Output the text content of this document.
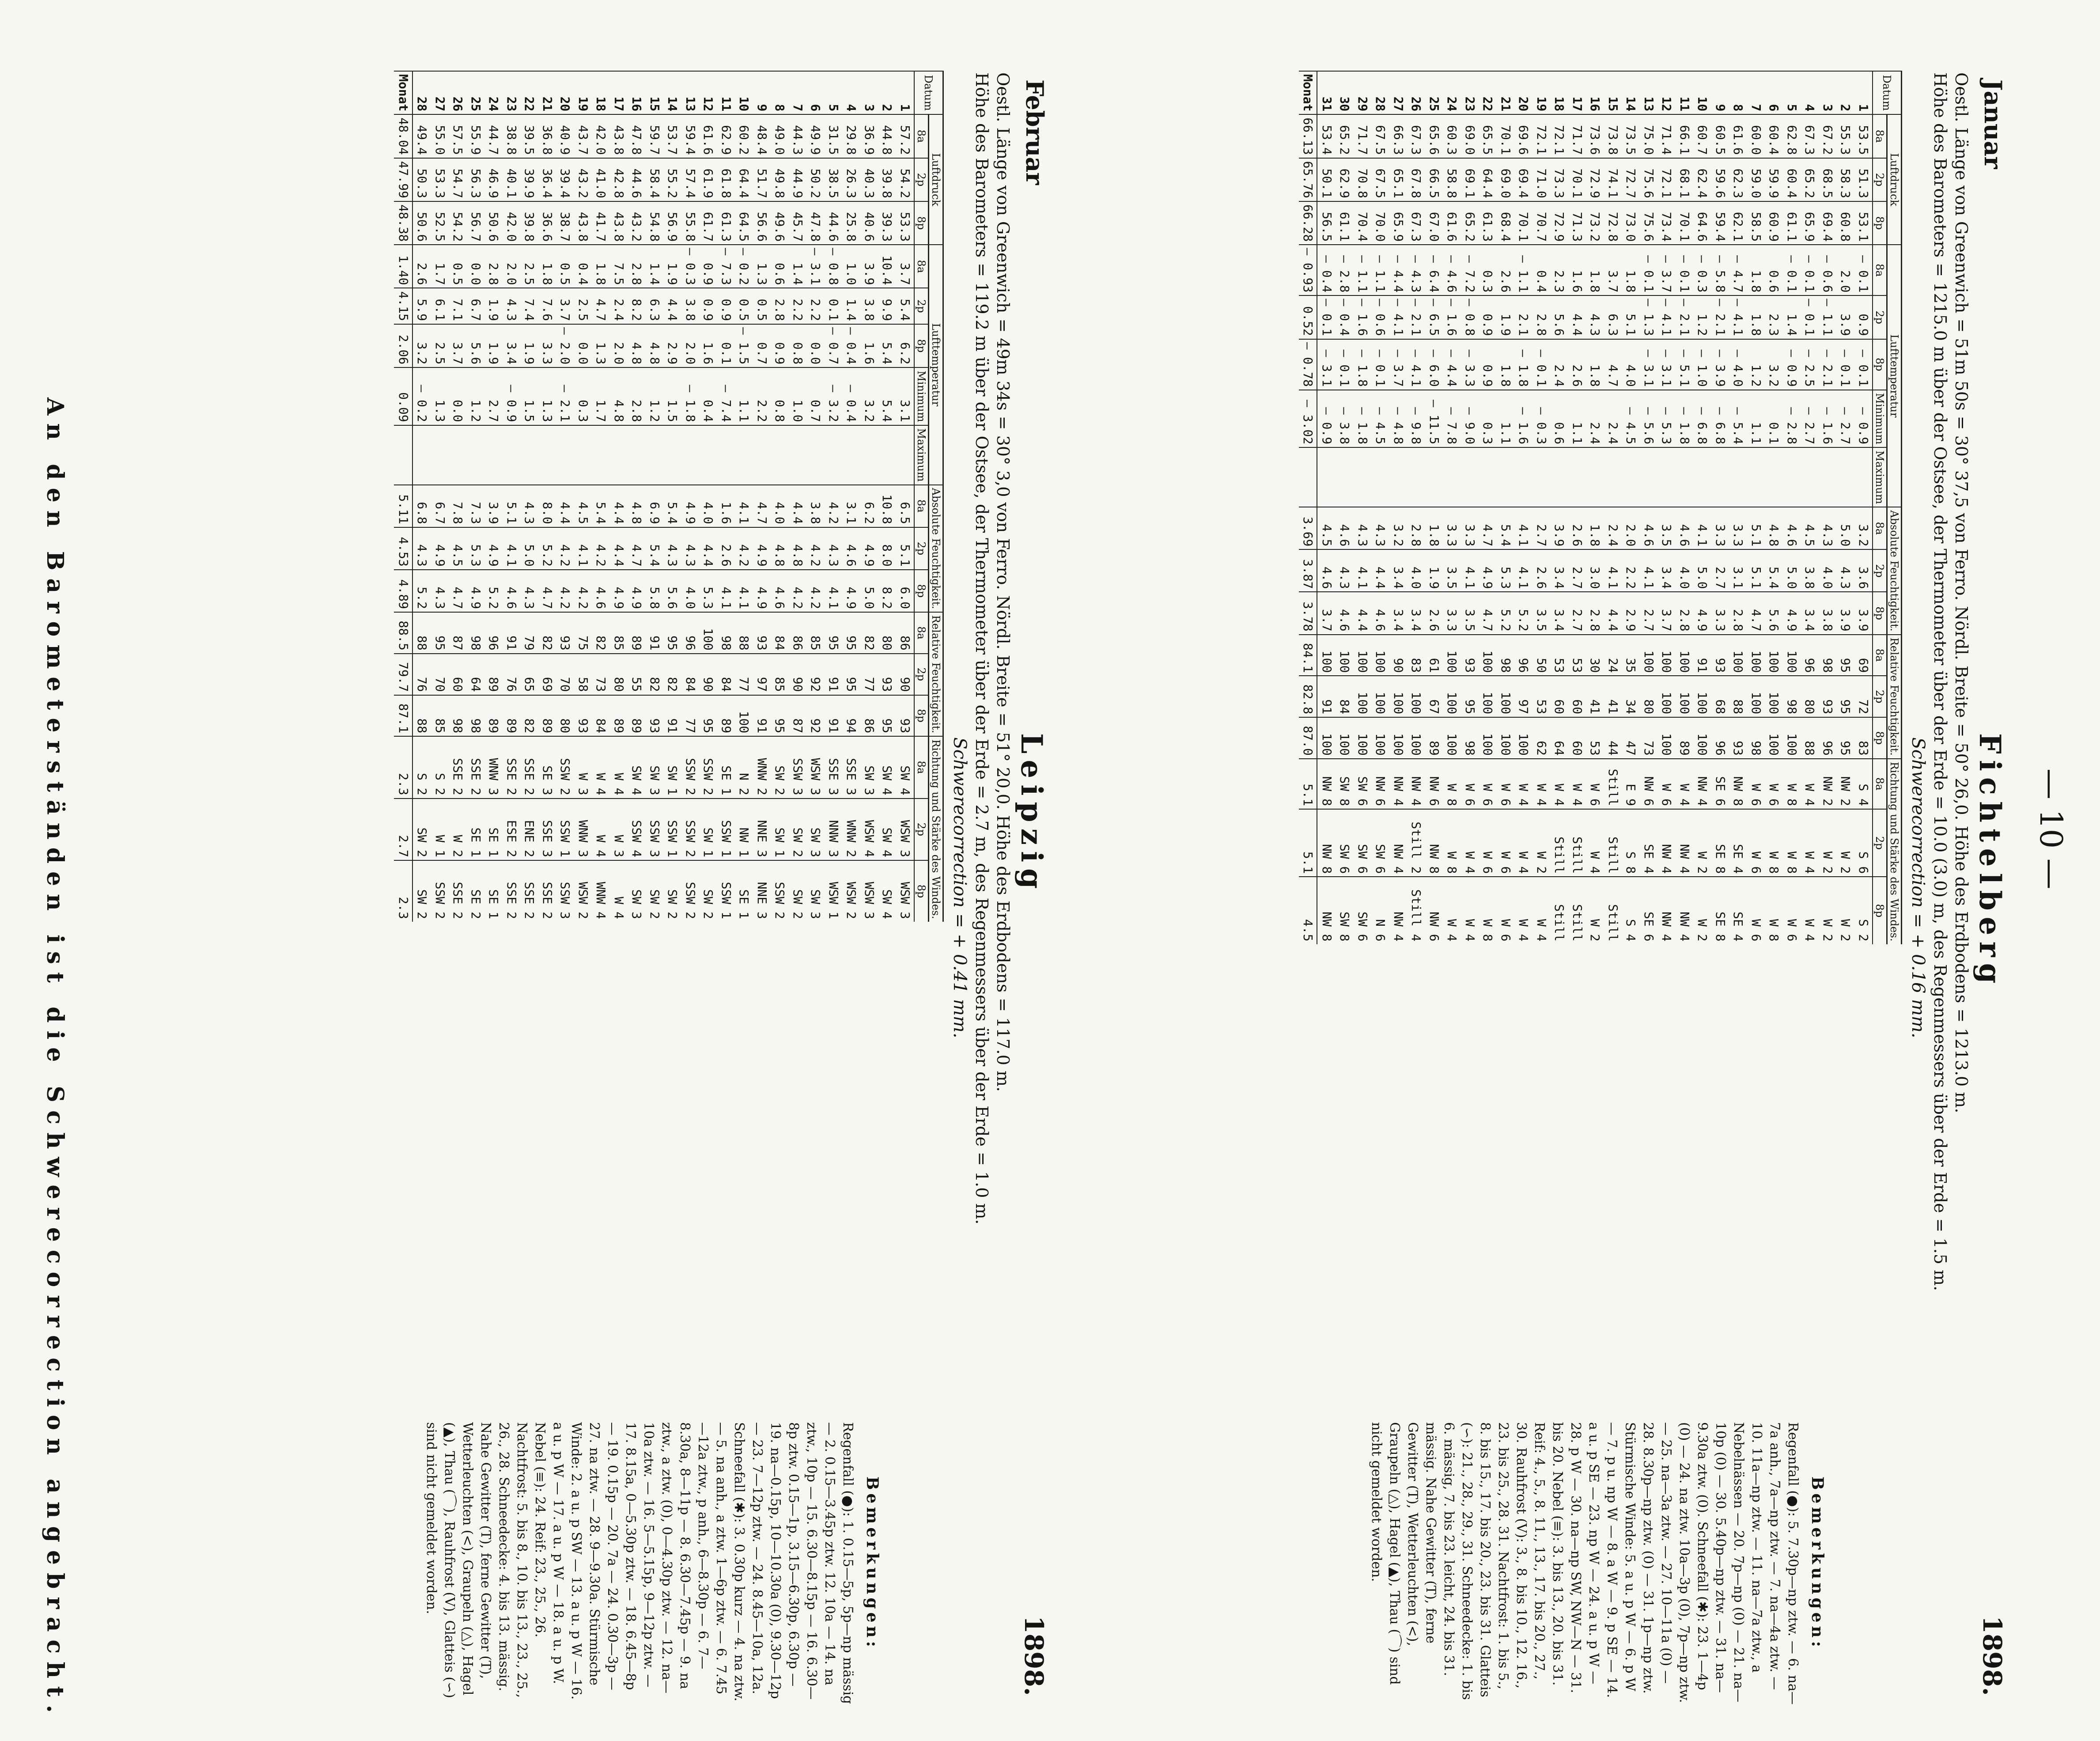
— 10 —
Januar
Fichtelberg
1898.
Oestl. Länge von Greenwich = 51m 50s = 30° 37,5 von Ferro. Nördl. Breite = 50° 26,0. Höhe des Erdbodens = 1213.0 m.
Höhe des Barometers = 1215.0 m über der Ostsee, der Thermometer über der Erde = 10.0 (3.0) m, des Regenmessers über der Erde = 1.5 m.
Schwerecorrection = + 0.16 mm.
Datum	Luftdruck			Lufttemperatur					Absolute Feuchtigkeit.			Relative Feuchtigkeit.			Richtung und Stärke des Windes.		
	8a	2p	8p	8a	2p	8p	Minimum	Maximum	8a	2p	8p	8a	2p	8p	8a	2p	8p
1	53.5	51.3	53.1	— 0.1	0.9	— 0.1	— 0.9		3.2	3.6	3.9	69	72	83	S 4	S 6	S 2
2	55.3	58.3	60.8	2.0	3.9	— 0.1	— 2.7		5.0	4.3	3.9	95	95	95	NW 2	W 2	W 2
3	67.2	68.5	69.4	— 0.6	— 1.1	— 2.1	— 1.6		4.3	4.0	3.8	98	93	96	NW 2	W 2	W 2
4	67.3	65.2	65.9	— 0.1	— 0.1	— 2.5	— 2.7		4.5	3.8	3.4	96	80	88	W 4	W 4	W 4
5	62.8	60.4	61.1	— 0.1	1.4	— 0.9	— 2.8		4.6	5.0	4.9	100	98	100	W 8	W 8	W 6
6	60.4	59.9	60.9	0.6	2.3	3.2	0.1		4.8	5.4	5.6	100	100	100	W 6	W 8	W 8
7	60.0	59.0	58.5	1.8	1.8	1.2	1.1		5.1	5.1	4.7	100	100	98	W 6	W 6	W 6
8	61.6	62.3	62.1	— 4.7	— 4.1	— 4.0	— 5.4		3.3	3.1	2.8	100	88	93	NW 8	SE 4	SE 4
9	60.5	59.6	59.4	— 5.8	— 2.1	— 3.9	— 6.8		3.3	2.7	3.3	93	68	96	SE 6	SE 8	SE 8
10	60.7	62.4	64.6	— 0.3	1.2	— 1.0	— 6.8		4.1	5.0	4.9	91	100	100	NW 4	W 2	W 2

11	66.1	68.1	70.1	— 0.1	— 2.1	— 5.1	— 1.8		4.6	4.0	2.8	100	100	89	W 4	NW 4	NW 4
12	71.4	72.1	73.4	— 3.7	— 4.1	— 3.1	— 5.3		3.5	3.4	3.7	100	100	100	W 6	NW 4	NW 4
13	75.0	75.6	75.6	— 0.1	— 1.3	— 3.1	— 5.6		4.6	4.1	2.7	100	80	73	NW 6	SE 4	SE 6
14	73.5	72.7	73.0	1.8	5.1	4.0	— 4.5		2.0	2.2	2.9	35	34	47	E 9	S 8	S 4
15	73.8	74.1	72.8	3.7	6.3	4.7	2.4		2.4	4.1	4.4	24	41	44	Still	Still	Still
16	73.6	72.9	73.2	1.8	4.3	1.8	2.4		1.8	3.0	2.8	30	41	53	W 6	W 4	W 2
17	71.7	70.1	71.3	1.6	4.4	2.6	1.1		2.6	2.7	2.7	53	60	60	W 4	Still	Still
18	72.1	73.3	72.9	2.3	5.6	2.4	0.6		3.9	3.4	3.4	53	60	64	W 4	Still	Still
19	72.1	71.0	70.7	0.4	2.8	— 0.1	— 0.3		2.7	2.6	3.5	50	53	62	W 4	W 2	W 4
20	69.6	69.4	70.1	— 1.1	2.1	— 1.8	— 1.6		4.1	4.1	5.2	96	97	100	W 4	W 4	W 4

21	70.1	69.0	68.4	2.6	1.9	1.8	1.1		5.4	5.3	5.2	98	100	100	W 6	W 6	W 6
22	65.5	64.4	61.3	0.3	0.9	0.9	0.3		4.7	4.9	4.7	100	100	100	W 6	W 6	W 8
23	69.0	69.1	65.2	— 7.2	— 0.8	— 3.3	— 9.0		3.3	4.1	3.5	93	95	98	W 6	W 4	W 4
24	60.3	58.8	61.6	— 4.6	— 1.6	— 4.4	— 7.8		3.3	3.5	3.3	100	100	100	W 8	W 8	W 4
25	65.6	66.5	67.0	— 6.4	— 6.5	— 6.0	— 11.5		1.8	1.9	2.6	61	67	89	NW 6	NW 8	NW 6
26	67.3	67.8	67.3	— 4.3	— 2.1	— 4.1	— 9.8		2.8	4.0	3.4	83	100	100	NW 4	Still 2	Still 4
27	66.3	65.1	65.9	— 4.4	— 4.1	— 3.7	— 4.8		3.2	3.4	3.4	90	100	100	NW 4	NW 4	NW 4
28	67.5	67.5	70.0	— 1.1	— 0.6	— 0.1	— 4.5		4.3	4.4	4.6	100	100	100	NW 6	SW 6	N 6
29	71.7	70.8	70.4	— 1.1	— 1.6	— 1.8	— 1.8		4.3	4.1	4.4	100	100	100	SW 6	SW 6	SW 6
30	65.2	62.9	61.1	— 2.8	— 0.4	— 0.1	— 3.8		4.6	4.3	4.6	100	84	100	SW 8	SW 6	SW 8
31	53.4	50.1	56.5	— 0.4	— 0.1	— 3.1	— 0.9		4.5	4.6	3.7	100	91	100	NW 8	NW 8	NW 8
Monat	66.13	65.76	66.28	— 0.93	0.52	— 0.78	— 3.02		3.69	3.87	3.78	84.1	82.8	87.0	5.1	5.1	4.5
Bemerkungen:
Regenfall (●): 5. 7.30p—np ztw. — 6. na—7a anh., 7a—np ztw. — 7. na—4a ztw. — 10. 11a—np ztw. — 11. na—7a ztw., a Nebelnässen — 20. 7p—np (0) — 21. na—10p (0) — 30. 5.40p—np ztw. — 31. na—9.30a ztw. (0). Schneefall (✱): 23. 1—4p (0) — 24. na ztw. 10a—3p (0), 7p—np ztw. — 25. na—3a ztw. — 27. 10—11a (0) — 28. 8.30p—np ztw. (0) — 31. 1p—np ztw. Stürmische Winde: 5. a u. p W — 6. p W — 7. p u. np W — 8. a W — 9. p SE — 14. a u. p SE — 23. np W — 24. a u. p W — 28. p W — 30. na—np SW, NW—N — 31. bis 20. Nebel (≡): 3. bis 13., 20. bis 31. Reif: 4., 5., 8. 11., 13., 17. bis 20., 27., 30. Rauhfrost (V): 3., 8. bis 10., 12. 16., 23. bis 25., 28. 31. Nachtfrost: 1. bis 5., 8. bis 15., 17. bis 20., 23. bis 31. Glatteis (∽): 21., 28., 29., 31. Schneedecke: 1. bis 6. mässig, 7. bis 23. leicht, 24. bis 31. mässig. Nahe Gewitter (T), ferne Gewitter (T), Wetterleuchten (<), Graupeln (△), Hagel (▲), Thau (⌒) sind nicht gemeldet worden.
Februar
Leipzig
1898.
Oestl. Länge von Greenwich = 49m 34s = 30° 3,0 von Ferro. Nördl. Breite = 51° 20,0. Höhe des Erdbodens = 117.0 m.
Höhe des Barometers = 119.2 m über der Ostsee, der Thermometer über der Erde = 2.7 m, des Regenmessers über der Erde = 1.0 m.
Schwerecorrection = + 0.41 mm.
Datum	Luftdruck			Lufttemperatur					Absolute Feuchtigkeit.			Relative Feuchtigkeit.			Richtung und Stärke des Windes.		
	8a	2p	8p	8a	2p	8p	Minimum	Maximum	8a	2p	8p	8a	2p	8p	8a	2p	8p
1	57.2	54.2	53.3	3.7	5.4	6.2	3.1		6.5	5.1	6.0	86	90	93	SW 4	WSW 3	WSW 3
2	44.8	39.8	39.3	10.4	9.9	5.4	5.4		10.8	8.0	8.2	80	93	95	SW 4	SW 4	SW 4
3	36.9	40.3	40.6	3.9	3.8	1.6	3.2		6.2	4.9	5.0	82	77	86	SW 3	WSW 4	WSW 3
4	29.8	26.3	25.8	1.0	1.4	— 0.4	— 0.4		3.1	4.6	4.9	95	95	94	SSE 3	WNW 2	WSW 2
5	31.5	38.5	44.6	— 0.8	0.1	— 0.7	— 3.2		4.2	4.3	4.1	95	91	91	SSE 3	NNW 3	WSW 1
6	49.9	50.2	47.8	— 3.1	2.2	0.0	0.7		3.8	4.2	4.2	85	92	92	WSW 3	SW 3	SW 3
7	44.3	44.9	45.7	1.4	2.2	0.8	1.0		4.4	4.8	4.2	86	90	87	SSW 3	SW 2	SW 2
8	49.0	49.8	49.6	0.6	2.8	0.9	0.8		4.0	4.8	4.6	84	85	95	SW 2	SW 1	SSW 2
9	48.4	51.7	56.6	1.3	0.5	0.7	2.2		4.7	4.9	4.9	93	97	91	WNW 2	NNE 3	NNE 3
10	60.2	64.4	64.5	— 0.2	0.5	— 1.5	1.1		4.1	4.2	4.1	88	77	100	N 2	NW 1	SE 1

11	62.9	61.8	61.3	— 7.3	0.9	0.1	— 7.4		1.6	2.6	4.1	98	84	89	SE 1	SSW 1	SSW 1
12	61.6	61.9	61.7	0.9	0.9	1.6	0.4		4.0	4.4	5.3	100	90	95	SSW 2	SW 1	SW 2
13	59.4	57.4	55.8	— 0.3	3.8	2.0	— 1.8		4.9	4.3	4.0	96	84	77	SSW 2	SSW 2	SSW 2
14	53.7	55.2	56.9	1.9	4.4	2.9	1.5		5.4	4.3	5.6	95	82	91	SW 1	SSW 1	SW 2
15	59.7	58.4	54.8	1.4	6.3	4.8	1.2		6.9	5.4	5.8	91	82	93	SW 3	SSW 3	SW 2
16	47.8	44.6	43.2	2.8	8.2	4.8	2.8		4.8	4.7	4.9	89	55	89	SW 4	SSW 4	SW 3
17	43.8	42.8	43.8	7.5	2.4	2.0	4.8		4.4	4.4	4.9	85	80	89	W 4	W 3	W 4
18	42.0	41.0	41.7	1.8	4.7	1.3	1.7		5.4	4.2	4.6	82	73	84	W 4	W 4	WNW 4
19	43.7	43.2	43.8	0.4	2.5	0.0	0.3		4.5	4.1	4.2	75	58	93	W 3	WNW 3	WSW 2
20	40.9	39.4	38.7	0.5	3.7	— 2.0	— 2.1		4.4	4.2	4.2	93	70	80	SSW 2	SSW 1	SSW 3

21	36.8	36.4	36.6	1.8	7.6	3.3	1.3		8.0	5.2	4.7	82	69	89	SE 3	SSE 3	SSE 2
22	39.5	39.9	39.8	2.5	7.4	1.9	1.5		4.3	5.0	4.3	79	65	82	SSE 2	ENE 2	SSE 2
23	38.8	40.1	42.0	2.0	4.3	3.4	— 0.9		5.1	4.1	4.6	91	76	89	SSE 2	ESE 2	SSE 2
24	44.7	46.9	50.6	2.8	1.9	1.9	2.7		3.9	4.9	5.2	96	89	89	WNW 3	SE 1	SE 1
25	55.9	56.3	56.7	0.0	6.7	5.6	1.2		7.3	5.3	4.9	98	64	98	SSE 2	SE 1	SE 2
26	57.5	54.7	54.2	0.5	7.1	3.7	0.0		7.8	4.5	4.7	87	60	98	SSE 2	W 2	SSE 2
27	55.0	53.3	52.5	1.7	6.1	2.5	1.3		6.7	4.9	4.3	95	70	85	S 2	W 1	SSW 2
28	49.4	50.3	50.6	2.6	5.9	3.2	— 0.2		6.8	4.3	5.2	88	76	88	S 2	SW 2	SW 2
Monat	48.04	47.99	48.38	1.40	4.15	2.06	0.09		5.11	4.53	4.89	88.5	79.7	87.1	2.3	2.7	2.3
Bemerkungen:
Regenfall (●): 1. 0.15—5p, 5p—np mässig — 2. 0.15—3.45p ztw. 12. 10a — 14. na ztw., 10p — 15. 6.30—8.15p — 16. 6.30—8p ztw. 0.15—1p, 3.15—6.30p, 6.30p — 19. na—0.15p, 10—10.30a (0), 9.30—12p — 23. 7—12p ztw. — 24. 8.45—10a, 12a. Schneefall (✱): 3. 0.30p kurz — 4. na ztw. — 5. na anh., a ztw. 1—6p ztw. — 6. 7.45—12a ztw., p anh., 6—8.30p — 6. 7—8.30a, 8—11p — 8. 6.30—7.45p — 9. na ztw., a ztw. (0), 0—4.30p ztw. — 12. na—10a ztw. — 16. 5—5.15p, 9—12p ztw. — 17. 8.15a, 0—5.30p ztw. — 18. 6.45—8p — 19. 0.15p — 20. 7a — 24. 0.30—3p — 27. na ztw. — 28. 9—9.30a. Stürmische Winde: 2. a u. p SW — 13. a u. p W — 16. a u. p W — 17. a u. p W — 18. a u. p W. Nebel (≡): 24. Reif: 23., 25., 26. Nachtfrost: 5. bis 8., 10. bis 13., 23., 25., 26., 28. Schneedecke: 4. bis 13. mässig. Nahe Gewitter (T), ferne Gewitter (T), Wetterleuchten (<), Graupeln (△), Hagel (▲), Thau (⌒), Rauhfrost (V), Glatteis (∽) sind nicht gemeldet worden.
An den Barometerständen ist die Schwerecorrection angebracht.
